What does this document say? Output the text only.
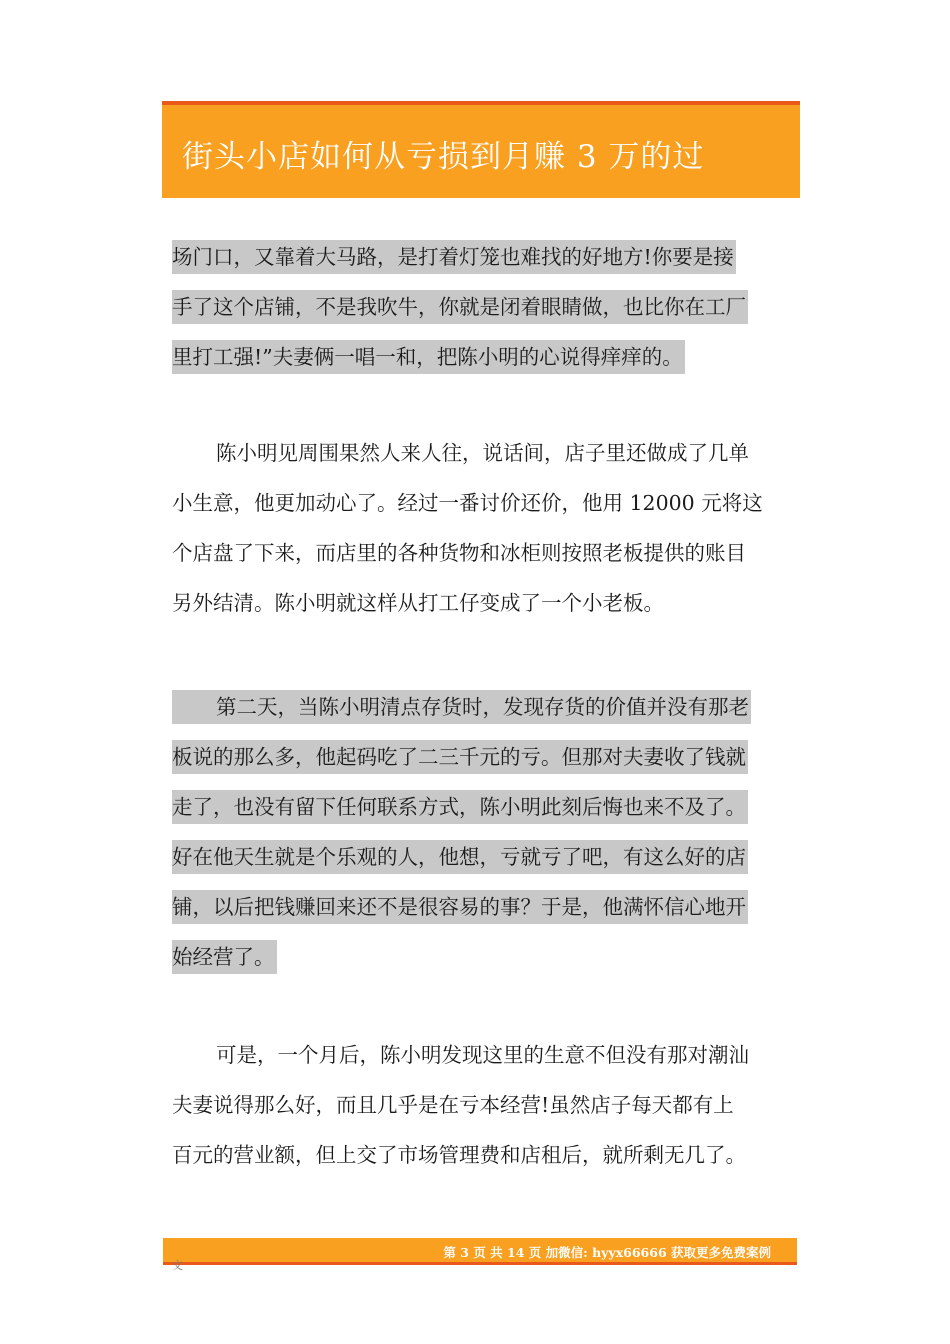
街头小店如何从亏损到月赚 3 万的过
场门口，又靠着大马路，是打着灯笼也难找的好地方!你要是接
手了这个店铺，不是我吹牛，你就是闭着眼睛做，也比你在工厂
里打工强!”夫妻俩一唱一和，把陈小明的心说得痒痒的。
陈小明见周围果然人来人往，说话间，店子里还做成了几单
小生意，他更加动心了。经过一番讨价还价，他用 12000 元将这
个店盘了下来，而店里的各种货物和冰柜则按照老板提供的账目
另外结清。陈小明就这样从打工仔变成了一个小老板。
第二天，当陈小明清点存货时，发现存货的价值并没有那老
板说的那么多，他起码吃了二三千元的亏。但那对夫妻收了钱就
走了，也没有留下任何联系方式，陈小明此刻后悔也来不及了。
好在他天生就是个乐观的人，他想，亏就亏了吧，有这么好的店
铺，以后把钱赚回来还不是很容易的事？于是，他满怀信心地开
始经营了。
可是，一个月后，陈小明发现这里的生意不但没有那对潮汕
夫妻说得那么好，而且几乎是在亏本经营!虽然店子每天都有上
百元的营业额，但上交了市场管理费和店租后，就所剩无几了。
第 3 页 共 14 页 加微信: hyyx66666 获取更多免费案例
文
